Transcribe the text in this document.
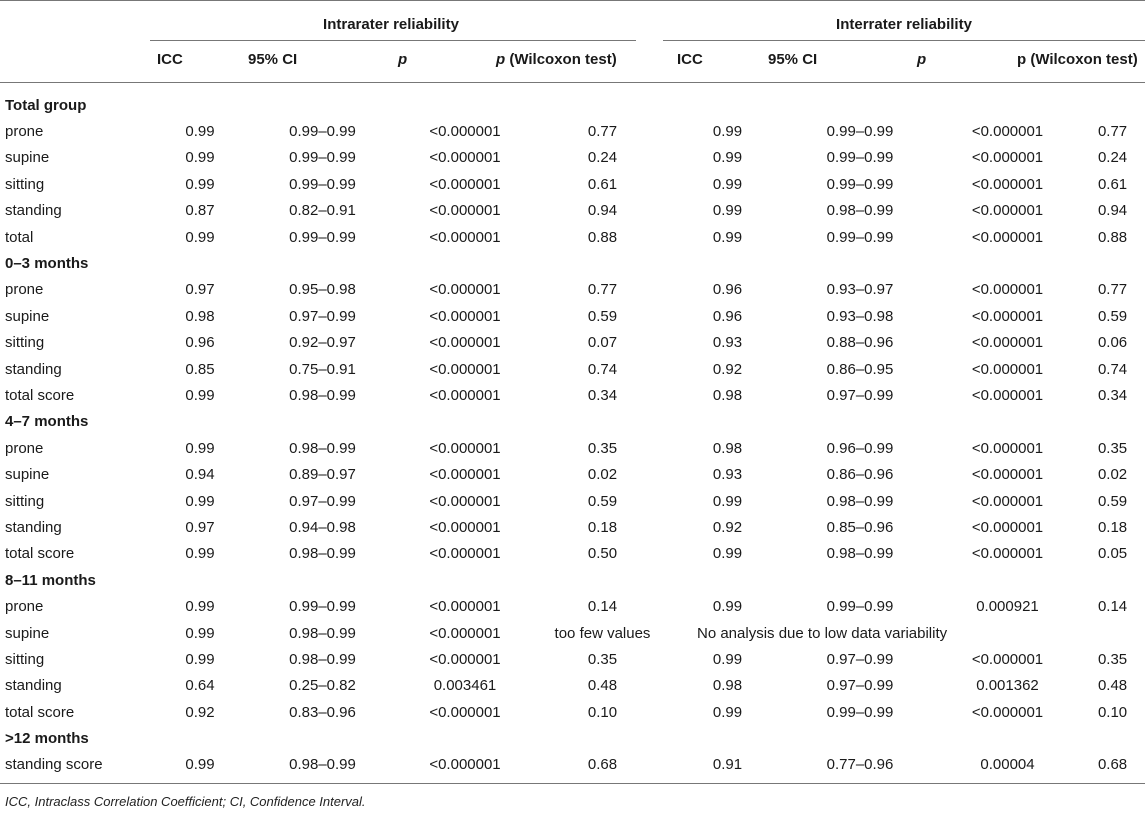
Intrarater reliability	Interrater reliability
ICC	95% CI	p	p (Wilcoxon test)	ICC	95% CI	p	p (Wilcoxon test)
Total group								
prone	0.99	0.99–0.99	<0.000001	0.77	0.99	0.99–0.99	<0.000001	0.77
supine	0.99	0.99–0.99	<0.000001	0.24	0.99	0.99–0.99	<0.000001	0.24
sitting	0.99	0.99–0.99	<0.000001	0.61	0.99	0.99–0.99	<0.000001	0.61
standing	0.87	0.82–0.91	<0.000001	0.94	0.99	0.98–0.99	<0.000001	0.94
total	0.99	0.99–0.99	<0.000001	0.88	0.99	0.99–0.99	<0.000001	0.88
0–3 months								
prone	0.97	0.95–0.98	<0.000001	0.77	0.96	0.93–0.97	<0.000001	0.77
supine	0.98	0.97–0.99	<0.000001	0.59	0.96	0.93–0.98	<0.000001	0.59
sitting	0.96	0.92–0.97	<0.000001	0.07	0.93	0.88–0.96	<0.000001	0.06
standing	0.85	0.75–0.91	<0.000001	0.74	0.92	0.86–0.95	<0.000001	0.74
total score	0.99	0.98–0.99	<0.000001	0.34	0.98	0.97–0.99	<0.000001	0.34
4–7 months								
prone	0.99	0.98–0.99	<0.000001	0.35	0.98	0.96–0.99	<0.000001	0.35
supine	0.94	0.89–0.97	<0.000001	0.02	0.93	0.86–0.96	<0.000001	0.02
sitting	0.99	0.97–0.99	<0.000001	0.59	0.99	0.98–0.99	<0.000001	0.59
standing	0.97	0.94–0.98	<0.000001	0.18	0.92	0.85–0.96	<0.000001	0.18
total score	0.99	0.98–0.99	<0.000001	0.50	0.99	0.98–0.99	<0.000001	0.05
8–11 months								
prone	0.99	0.99–0.99	<0.000001	0.14	0.99	0.99–0.99	0.000921	0.14
supine	0.99	0.98–0.99	<0.000001	too few values	No analysis due to low data variability			
sitting	0.99	0.98–0.99	<0.000001	0.35	0.99	0.97–0.99	<0.000001	0.35
standing	0.64	0.25–0.82	0.003461	0.48	0.98	0.97–0.99	0.001362	0.48
total score	0.92	0.83–0.96	<0.000001	0.10	0.99	0.99–0.99	<0.000001	0.10
>12 months								
standing score	0.99	0.98–0.99	<0.000001	0.68	0.91	0.77–0.96	0.00004	0.68
ICC, Intraclass Correlation Coefficient; CI, Confidence Interval.
